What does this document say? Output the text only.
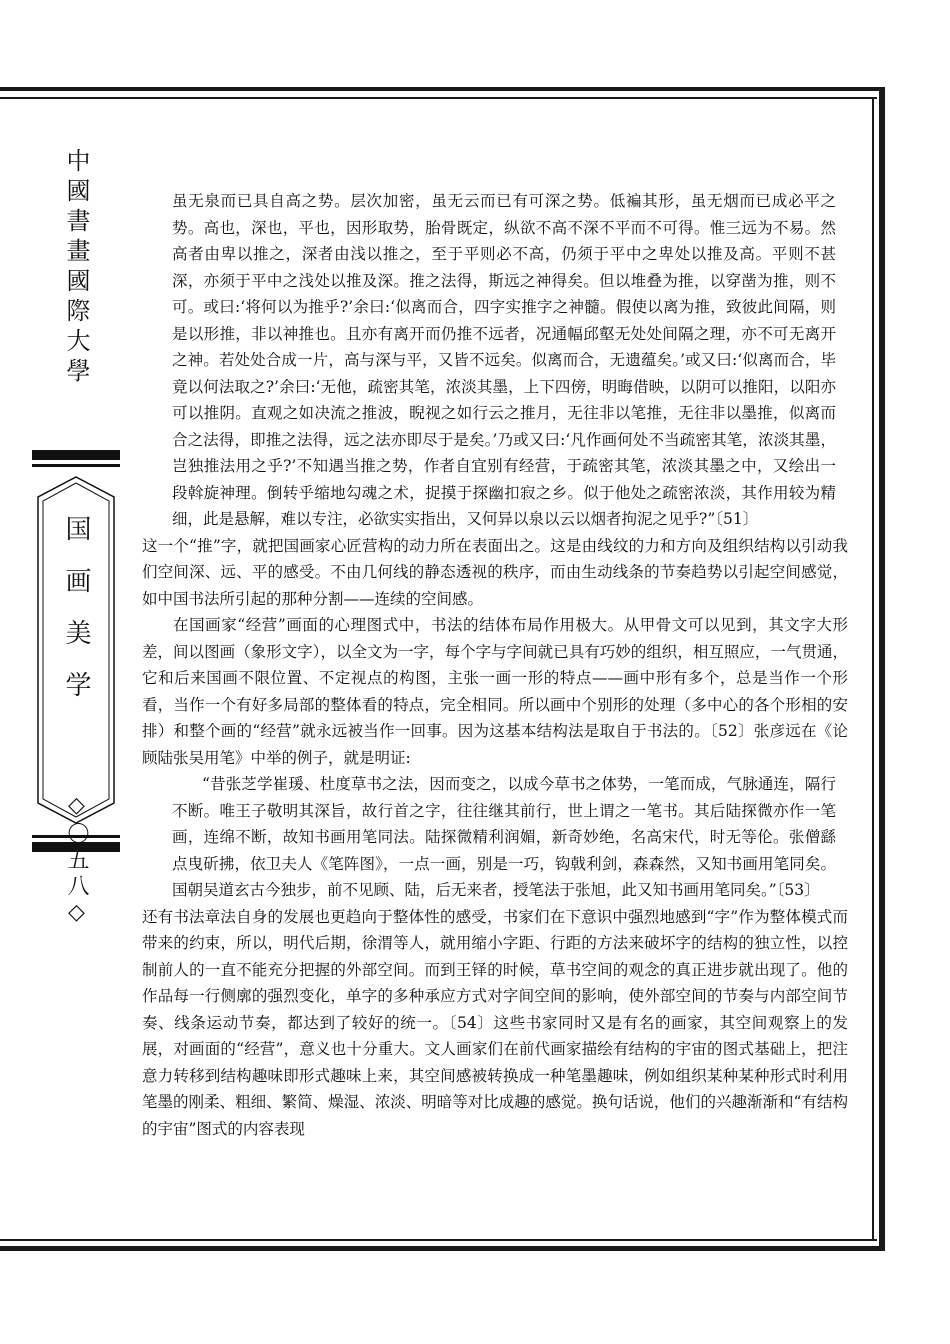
中國書畫國際大學
国画美学
◇〇五八◇

虽无泉而已具自高之势。层次加密，虽无云而已有可深之势。低褊其形，虽无烟而已成必平之势。高也，深也，平也，因形取势，胎骨既定，纵欲不高不深不平而不可得。惟三远为不易。然高者由卑以推之，深者由浅以推之，至于平则必不高，仍须于平中之卑处以推及高。平则不甚深，亦须于平中之浅处以推及深。推之法得，斯远之神得矣。但以堆叠为推，以穿凿为推，则不可。或曰:‘将何以为推乎?’余曰:‘似离而合，四字实推字之神髓。假使以离为推，致彼此间隔，则是以形推，非以神推也。且亦有离开而仍推不远者，况通幅邱壑无处处间隔之理，亦不可无离开之神。若处处合成一片，高与深与平，又皆不远矣。似离而合，无遗蕴矣。’或又曰:‘似离而合，毕竟以何法取之?’余曰:‘无他，疏密其笔，浓淡其墨，上下四傍，明晦借映，以阴可以推阳，以阳亦可以推阴。直观之如决流之推波，睨视之如行云之推月，无往非以笔推，无往非以墨推，似离而合之法得，即推之法得，远之法亦即尽于是矣。’乃或又曰:‘凡作画何处不当疏密其笔，浓淡其墨，岂独推法用之乎?’不知遇当推之势，作者自宜别有经营，于疏密其笔，浓淡其墨之中，又绘出一段斡旋神理。倒转乎缩地勾魂之术，捉摸于探幽扣寂之乡。似于他处之疏密浓淡，其作用较为精细，此是悬解，难以专注，必欲实实指出，又何异以泉以云以烟者拘泥之见乎?”〔51〕

这一个“推”字，就把国画家心匠营构的动力所在表面出之。这是由线纹的力和方向及组织结构以引动我们空间深、远、平的感受。不由几何线的静态透视的秩序，而由生动线条的节奏趋势以引起空间感觉，如中国书法所引起的那种分割——连续的空间感。

在国画家“经营”画面的心理图式中，书法的结体布局作用极大。从甲骨文可以见到，其文字大形差，间以图画（象形文字），以全文为一字，每个字与字间就已具有巧妙的组织，相互照应，一气贯通，它和后来国画不限位置、不定视点的构图，主张一画一形的特点——画中形有多个，总是当作一个形看，当作一个有好多局部的整体看的特点，完全相同。所以画中个别形的处理（多中心的各个形相的安排）和整个画的“经营”就永远被当作一回事。因为这基本结构法是取自于书法的。〔52〕张彦远在《论顾陆张吴用笔》中举的例子，就是明证:

“昔张芝学崔瑗、杜度草书之法，因而变之，以成今草书之体势，一笔而成，气脉通连，隔行不断。唯王子敬明其深旨，故行首之字，往往继其前行，世上谓之一笔书。其后陆探微亦作一笔画，连绵不断，故知书画用笔同法。陆探微精利润媚，新奇妙绝，名高宋代，时无等伦。张僧繇点曳斫拂，依卫夫人《笔阵图》，一点一画，别是一巧，钩戟利剑，森森然，又知书画用笔同矣。国朝吴道玄古今独步，前不见顾、陆，后无来者，授笔法于张旭，此又知书画用笔同矣。”〔53〕

还有书法章法自身的发展也更趋向于整体性的感受，书家们在下意识中强烈地感到“字”作为整体模式而带来的约束，所以，明代后期，徐渭等人，就用缩小字距、行距的方法来破坏字的结构的独立性，以控制前人的一直不能充分把握的外部空间。而到王铎的时候，草书空间的观念的真正进步就出现了。他的作品每一行侧廓的强烈变化，单字的多种承应方式对字间空间的影响，使外部空间的节奏与内部空间节奏、线条运动节奏，都达到了较好的统一。〔54〕这些书家同时又是有名的画家，其空间观察上的发展，对画面的“经营”，意义也十分重大。文人画家们在前代画家描绘有结构的宇宙的图式基础上，把注意力转移到结构趣味即形式趣味上来，其空间感被转换成一种笔墨趣味，例如组织某种某种形式时利用笔墨的刚柔、粗细、繁简、燥湿、浓淡、明暗等对比成趣的感觉。换句话说，他们的兴趣渐渐和“有结构的宇宙”图式的内容表现
